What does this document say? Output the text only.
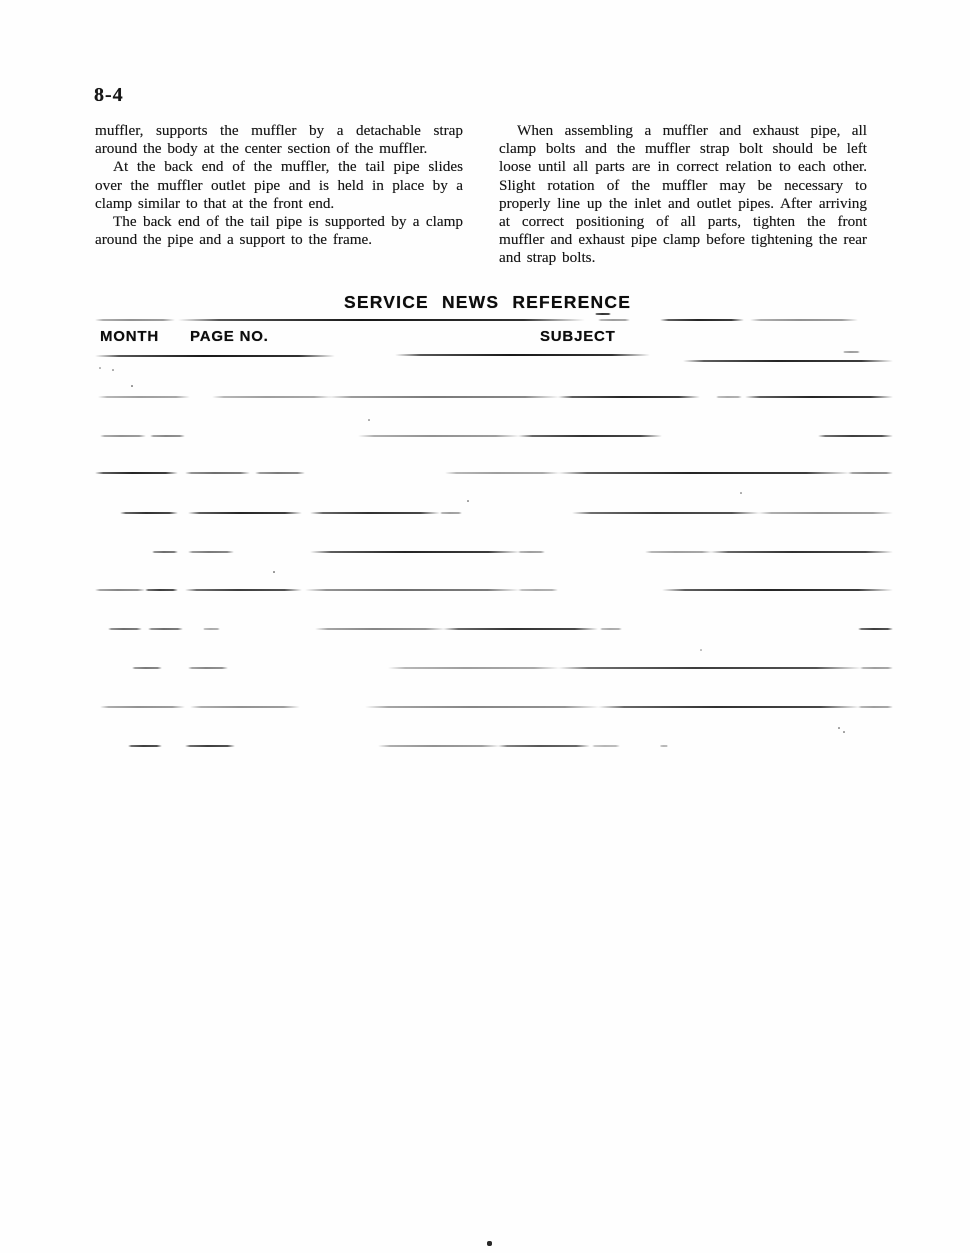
8-4

muffler, supports the muffler by a detachable strap around the body at the center section of the muffler.

At the back end of the muffler, the tail pipe slides over the muffler outlet pipe and is held in place by a clamp similar to that at the front end.

The back end of the tail pipe is supported by a clamp around the pipe and a support to the frame.

When assembling a muffler and exhaust pipe, all clamp bolts and the muffler strap bolt should be left loose until all parts are in correct relation to each other. Slight rotation of the muffler may be necessary to properly line up the inlet and outlet pipes. After arriving at correct positioning of all parts, tighten the front muffler and exhaust pipe clamp before tightening the rear and strap bolts.

SERVICE NEWS REFERENCE
MONTH PAGE NO.	SUBJECT
